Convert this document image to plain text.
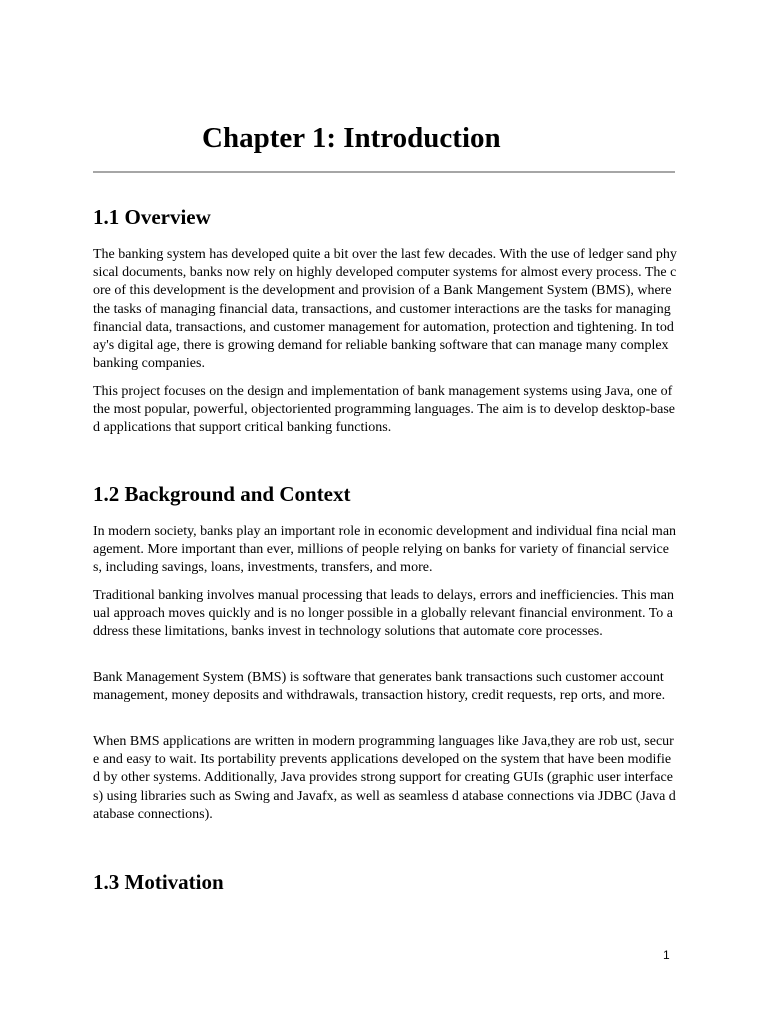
Chapter 1: Introduction
1.1 Overview

The banking system has developed quite a bit over the last few decades. With the use of ledger sand physical documents, banks now rely on highly developed computer systems for almost every process. The core of this development is the development and provision of a Bank Mangement System (BMS), where the tasks of managing financial data, transactions, and customer interactions are the tasks for managing financial data, transactions, and customer management for automation, protection and tightening. In today's digital age, there is growing demand for reliable banking software that can manage many complex banking companies.

This project focuses on the design and implementation of bank management systems using Java, one of the most popular, powerful, objectoriented programming languages. The aim is to develop desktop-based applications that support critical banking functions.

1.2 Background and Context

In modern society, banks play an important role in economic development and individual fina ncial management. More important than ever, millions of people relying on banks for variety of financial services, including savings, loans, investments, transfers, and more.

Traditional banking involves manual processing that leads to delays, errors and inefficiencies. This manual approach moves quickly and is no longer possible in a globally relevant financial environment. To address these limitations, banks invest in technology solutions that automate core processes.

Bank Management System (BMS) is software that generates bank transactions such customer account management, money deposits and withdrawals, transaction history, credit requests, rep orts, and more.

When BMS applications are written in modern programming languages like Java,they are rob ust, secure and easy to wait. Its portability prevents applications developed on the system that have been modified by other systems. Additionally, Java provides strong support for creating GUIs (graphic user interfaces) using libraries such as Swing and Javafx, as well as seamless d atabase connections via JDBC (Java database connections).

1.3 Motivation
1
